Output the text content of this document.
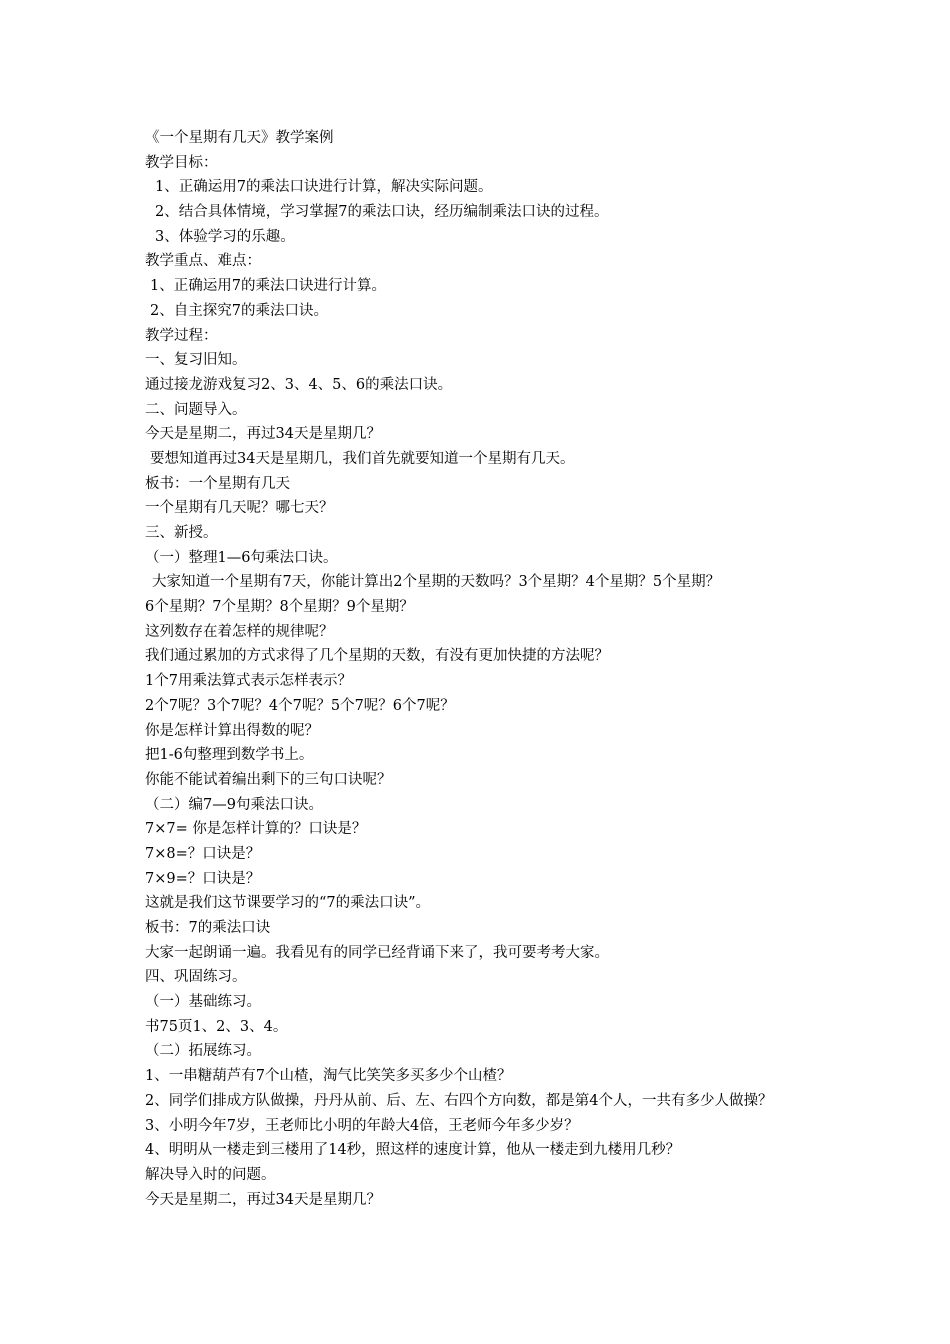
《一个星期有几天》教学案例
教学目标：
1、正确运用7的乘法口诀进行计算，解决实际问题。
2、结合具体情境，学习掌握7的乘法口诀，经历编制乘法口诀的过程。
3、体验学习的乐趣。
教学重点、难点：
1、正确运用7的乘法口诀进行计算。
2、自主探究7的乘法口诀。
教学过程：
一、复习旧知。
通过接龙游戏复习2、3、4、5、6的乘法口诀。
二、问题导入。
今天是星期二，再过34天是星期几？
要想知道再过34天是星期几，我们首先就要知道一个星期有几天。
板书：一个星期有几天
一个星期有几天呢？哪七天？
三、新授。
（一）整理1—6句乘法口诀。
大家知道一个星期有7天，你能计算出2个星期的天数吗？3个星期？4个星期？5个星期？
6个星期？7个星期？8个星期？9个星期？
这列数存在着怎样的规律呢？
我们通过累加的方式求得了几个星期的天数，有没有更加快捷的方法呢？
1个7用乘法算式表示怎样表示？
2个7呢？3个7呢？4个7呢？5个7呢？6个7呢？
你是怎样计算出得数的呢？
把1-6句整理到数学书上。
你能不能试着编出剩下的三句口诀呢？
（二）编7—9句乘法口诀。
7×7= 你是怎样计算的？口诀是？
7×8=？口诀是？
7×9=？口诀是？
这就是我们这节课要学习的“7的乘法口诀”。
板书：7的乘法口诀
大家一起朗诵一遍。我看见有的同学已经背诵下来了，我可要考考大家。
四、巩固练习。
（一）基础练习。
书75页1、2、3、4。
（二）拓展练习。
1、一串糖葫芦有7个山楂，淘气比笑笑多买多少个山楂？
2、同学们排成方队做操，丹丹从前、后、左、右四个方向数，都是第4个人，一共有多少人做操？
3、小明今年7岁，王老师比小明的年龄大4倍，王老师今年多少岁？
4、明明从一楼走到三楼用了14秒，照这样的速度计算，他从一楼走到九楼用几秒？
解决导入时的问题。
今天是星期二，再过34天是星期几？
